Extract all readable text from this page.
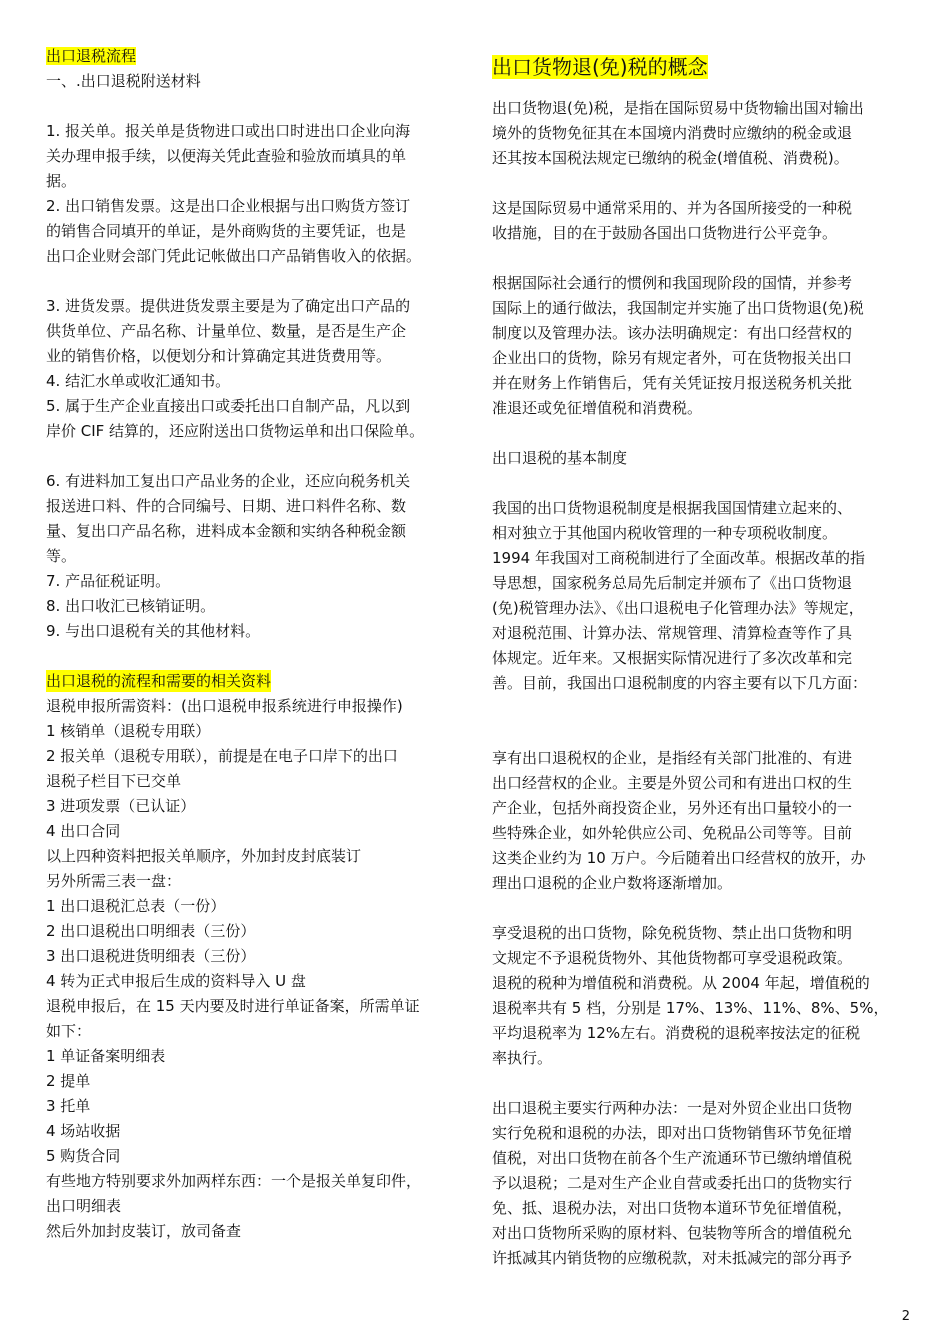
出口退税流程
一、.出口退税附送材料
1. 报关单。报关单是货物进口或出口时进出口企业向海
关办理申报手续，以便海关凭此查验和验放而填具的单
据。
2. 出口销售发票。这是出口企业根据与出口购货方签订
的销售合同填开的单证，是外商购货的主要凭证，也是
出口企业财会部门凭此记帐做出口产品销售收入的依据。
3. 进货发票。提供进货发票主要是为了确定出口产品的
供货单位、产品名称、计量单位、数量，是否是生产企
业的销售价格，以便划分和计算确定其进货费用等。
4. 结汇水单或收汇通知书。
5. 属于生产企业直接出口或委托出口自制产品，凡以到
岸价 CIF 结算的，还应附送出口货物运单和出口保险单。
6. 有进料加工复出口产品业务的企业，还应向税务机关
报送进口料、件的合同编号、日期、进口料件名称、数
量、复出口产品名称，进料成本金额和实纳各种税金额
等。
7. 产品征税证明。
8. 出口收汇已核销证明。
9. 与出口退税有关的其他材料。
出口退税的流程和需要的相关资料
退税申报所需资料：(出口退税申报系统进行申报操作)
1 核销单（退税专用联）
2 报关单（退税专用联），前提是在电子口岸下的出口
退税子栏目下已交单
3 进项发票（已认证）
4 出口合同
以上四种资料把报关单顺序，外加封皮封底装订
另外所需三表一盘：
1 出口退税汇总表（一份）
2 出口退税出口明细表（三份）
3 出口退税进货明细表（三份）
4 转为正式申报后生成的资料导入 U 盘
退税申报后，在 15 天内要及时进行单证备案，所需单证
如下：
1 单证备案明细表
2 提单
3 托单
4 场站收据
5 购货合同
有些地方特别要求外加两样东西：一个是报关单复印件，
出口明细表
然后外加封皮装订，放司备查
出口货物退(免)税的概念
出口货物退(免)税，是指在国际贸易中货物输出国对输出
境外的货物免征其在本国境内消费时应缴纳的税金或退
还其按本国税法规定已缴纳的税金(增值税、消费税)。
这是国际贸易中通常采用的、并为各国所接受的一种税
收措施，目的在于鼓励各国出口货物进行公平竞争。
根据国际社会通行的惯例和我国现阶段的国情，并参考
国际上的通行做法，我国制定并实施了出口货物退(免)税
制度以及管理办法。该办法明确规定：有出口经营权的
企业出口的货物，除另有规定者外，可在货物报关出口
并在财务上作销售后，凭有关凭证按月报送税务机关批
准退还或免征增值税和消费税。
出口退税的基本制度
我国的出口货物退税制度是根据我国国情建立起来的、
相对独立于其他国内税收管理的一种专项税收制度。
1994 年我国对工商税制进行了全面改革。根据改革的指
导思想，国家税务总局先后制定并颁布了《出口货物退
(免)税管理办法》、《出口退税电子化管理办法》等规定，
对退税范围、计算办法、常规管理、清算检查等作了具
体规定。近年来。又根据实际情况进行了多次改革和完
善。目前，我国出口退税制度的内容主要有以下几方面：
享有出口退税权的企业，是指经有关部门批准的、有进
出口经营权的企业。主要是外贸公司和有进出口权的生
产企业，包括外商投资企业，另外还有出口量较小的一
些特殊企业，如外轮供应公司、免税品公司等等。目前
这类企业约为 10 万户。今后随着出口经营权的放开，办
理出口退税的企业户数将逐渐增加。
享受退税的出口货物，除免税货物、禁止出口货物和明
文规定不予退税货物外、其他货物都可享受退税政策。
退税的税种为增值税和消费税。从 2004 年起，增值税的
退税率共有 5 档，分别是 17%、13%、11%、8%、5%，
平均退税率为 12%左右。消费税的退税率按法定的征税
率执行。
出口退税主要实行两种办法：一是对外贸企业出口货物
实行免税和退税的办法，即对出口货物销售环节免征增
值税，对出口货物在前各个生产流通环节已缴纳增值税
予以退税；二是对生产企业自营或委托出口的货物实行
免、抵、退税办法，对出口货物本道环节免征增值税，
对出口货物所采购的原材料、包装物等所含的增值税允
许抵减其内销货物的应缴税款，对未抵减完的部分再予
2
